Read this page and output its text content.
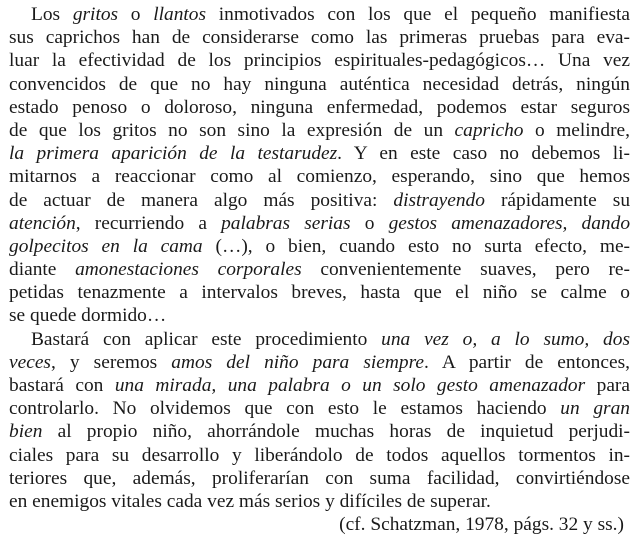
Los gritos o llantos inmotivados con los que el pequeño manifiesta
sus caprichos han de considerarse como las primeras pruebas para eva-
luar la efectividad de los principios espirituales-pedagógicos… Una vez
convencidos de que no hay ninguna auténtica necesidad detrás, ningún
estado penoso o doloroso, ninguna enfermedad, podemos estar seguros
de que los gritos no son sino la expresión de un capricho o melindre,
la primera aparición de la testarudez. Y en este caso no debemos li-
mitarnos a reaccionar como al comienzo, esperando, sino que hemos
de actuar de manera algo más positiva: distrayendo rápidamente su
atención, recurriendo a palabras serias o gestos amenazadores, dando
golpecitos en la cama (…), o bien, cuando esto no surta efecto, me-
diante amonestaciones corporales convenientemente suaves, pero re-
petidas tenazmente a intervalos breves, hasta que el niño se calme o
se quede dormido…
Bastará con aplicar este procedimiento una vez o, a lo sumo, dos
veces, y seremos amos del niño para siempre. A partir de entonces,
bastará con una mirada, una palabra o un solo gesto amenazador para
controlarlo. No olvidemos que con esto le estamos haciendo un gran
bien al propio niño, ahorrándole muchas horas de inquietud perjudi-
ciales para su desarrollo y liberándolo de todos aquellos tormentos in-
teriores que, además, proliferarían con suma facilidad, convirtiéndose
en enemigos vitales cada vez más serios y difíciles de superar.
(cf. Schatzman, 1978, págs. 32 y ss.)
